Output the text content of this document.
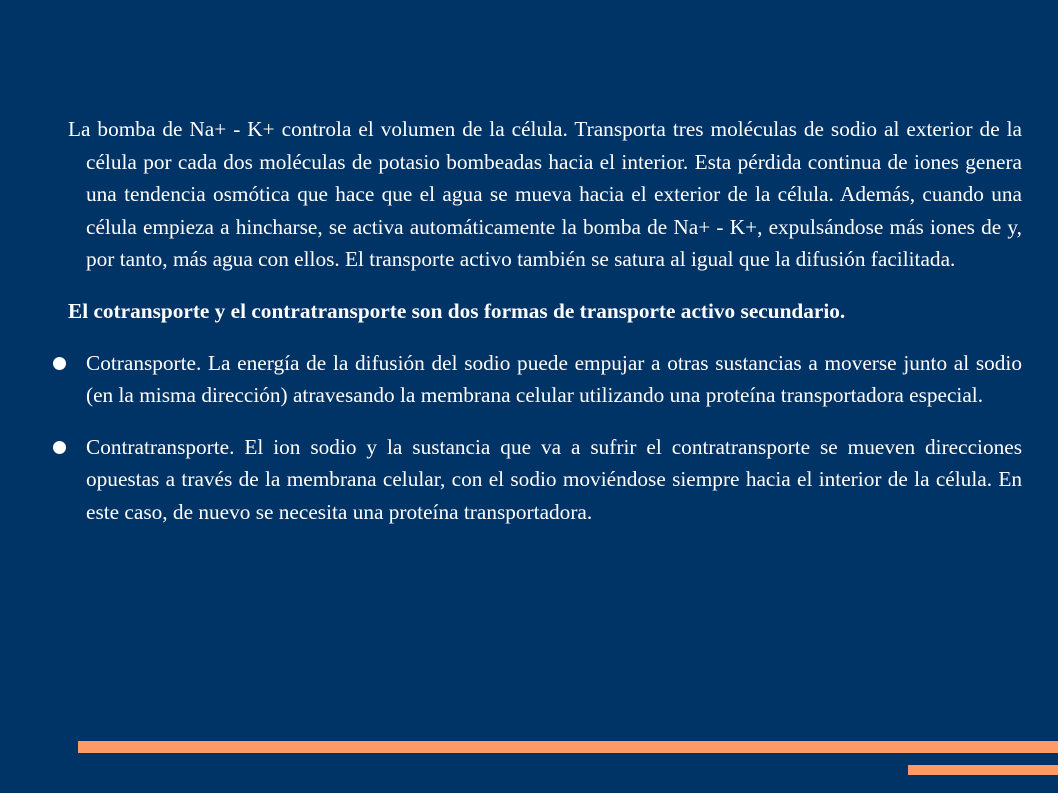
La bomba de Na+ - K+ controla el volumen de la célula. Transporta tres moléculas de sodio al exterior de la célula por cada dos moléculas de potasio bombeadas hacia el interior. Esta pérdida continua de iones genera una tendencia osmótica que hace que el agua se mueva hacia el exterior de la célula. Además, cuando una célula empieza a hincharse, se activa automáticamente la bomba de Na+ - K+, expulsándose más iones de y, por tanto, más agua con ellos. El transporte activo también se satura al igual que la difusión facilitada.

El cotransporte y el contratransporte son dos formas de transporte activo secundario.

Cotransporte. La energía de la difusión del sodio puede empujar a otras sustancias a moverse junto al sodio (en la misma dirección) atravesando la membrana celular utilizando una proteína transportadora especial.
Contratransporte. El ion sodio y la sustancia que va a sufrir el contratransporte se mueven direcciones opuestas a través de la membrana celular, con el sodio moviéndose siempre hacia el interior de la célula. En este caso, de nuevo se necesita una proteína transportadora.
